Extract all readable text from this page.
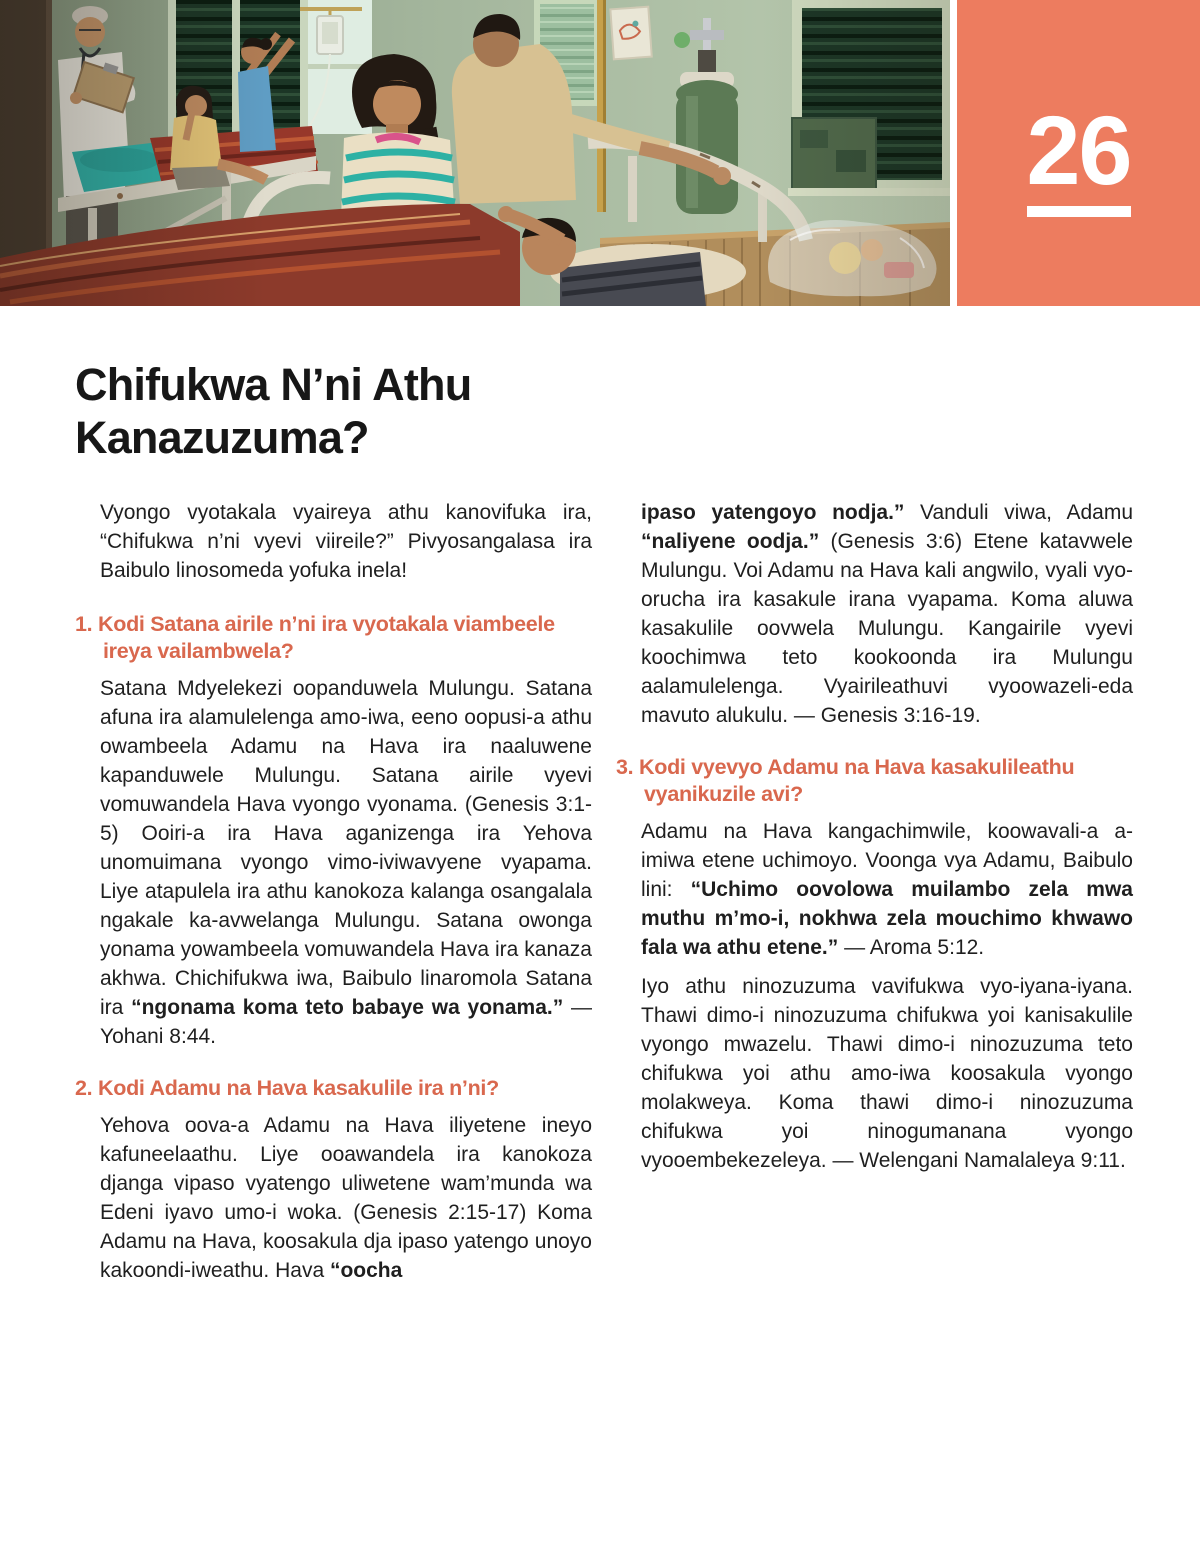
26
Chifukwa N’ni Athu Kanazuzuma?

Vyongo vyotakala vyaireya athu kanovifuka ira, “Chifukwa n’ni vyevi viireile?” Pivyosangalasa ira Baibulo linosomeda yofuka inela!

1. Kodi Satana airile n’ni ira vyotakala viambeele ireya vailambwela?

Satana Mdyelekezi oopanduwela Mulungu. Satana afuna ira alamulelenga amo-iwa, eeno oopusi-a athu owambeela Adamu na Hava ira naaluwene kapanduwele Mulungu. Satana airile vyevi vomuwandela Hava vyongo vyonama. (Genesis 3:1-5) Ooiri-a ira Hava aganizenga ira Yehova unomuimana vyongo vimo-iviwavyene vyapama. Liye atapulela ira athu kanokoza kalanga osangalala ngakale ka-avwelanga Mulungu. Satana owonga yonama yowambeela vomuwandela Hava ira kanaza akhwa. Chichifukwa iwa, Baibulo linaromola Satana ira “ngonama koma teto babaye wa yonama.” — Yohani 8:44.

2. Kodi Adamu na Hava kasakulile ira n’ni?

Yehova oova-a Adamu na Hava iliyetene ineyo kafuneelaathu. Liye ooawandela ira kanokoza djanga vipaso vyatengo uliwetene wam’munda wa Edeni iyavo umo-i woka. (Genesis 2:15-17) Koma Adamu na Hava, koosakula dja ipaso yatengo unoyo kakoondi-iweathu. Hava “oocha

ipaso yatengoyo nodja.” Vanduli viwa, Adamu “naliyene oodja.” (Genesis 3:6) Etene katavwele Mulungu. Voi Adamu na Hava kali angwilo, vyali vyo-orucha ira kasakule irana vyapama. Koma aluwa kasakulile oovwela Mulungu. Kangairile vyevi koochimwa teto kookoonda ira Mulungu aalamulelenga. Vyairileathuvi vyoowazeli-eda mavuto alukulu. — Genesis 3:16-19.

3. Kodi vyevyo Adamu na Hava kasakulileathu vyanikuzile avi?

Adamu na Hava kangachimwile, koowavali-a a-imiwa etene uchimoyo. Voonga vya Adamu, Baibulo lini: “Uchimo oovolowa muilambo zela mwa muthu m’mo-i, nokhwa zela mouchimo khwawo fala wa athu etene.” — Aroma 5:12.

Iyo athu ninozuzuma vavifukwa vyo-iyana-iyana. Thawi dimo-i ninozuzuma chifukwa yoi kanisakulile vyongo mwazelu. Thawi dimo-i ninozuzuma teto chifukwa yoi athu amo-iwa koosakula vyongo molakweya. Koma thawi dimo-i ninozuzuma chifukwa yoi ninogumanana vyongo vyooembekezeleya. — Welengani Namalaleya 9:11.
